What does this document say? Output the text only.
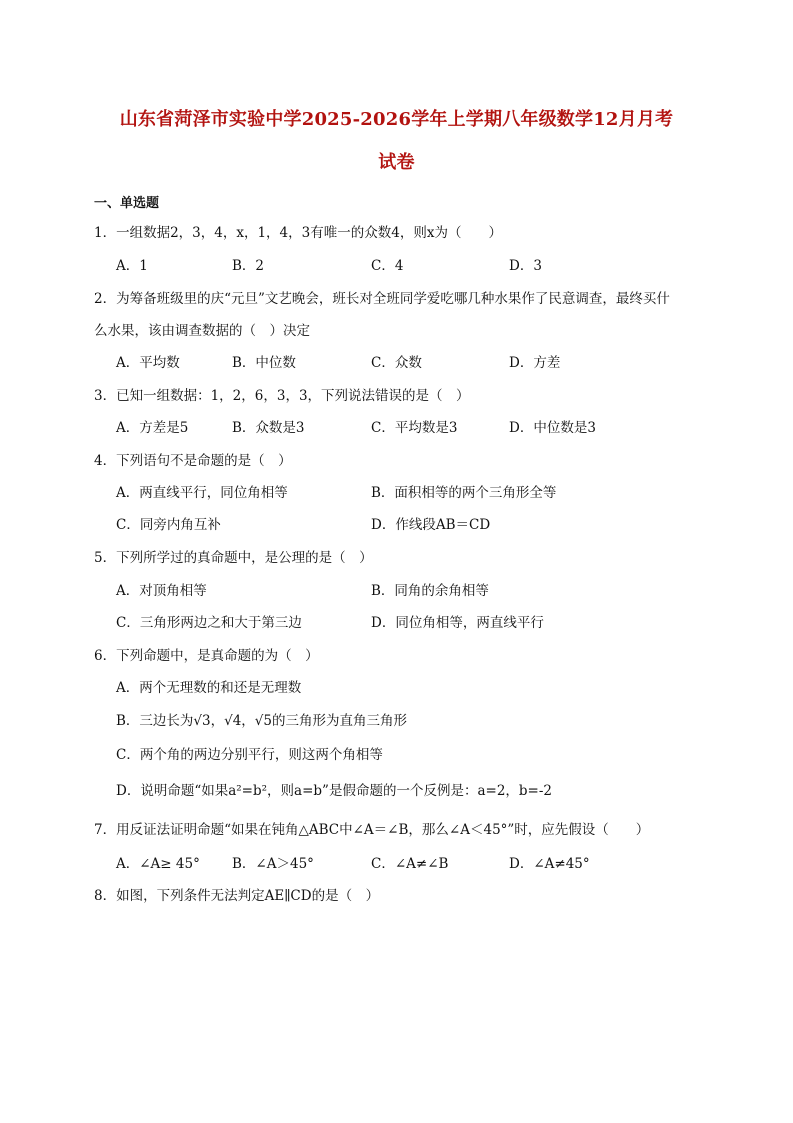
山东省菏泽市实验中学2025-2026学年上学期八年级数学12月月考
试卷
一、单选题
1．一组数据2，3，4，x，1，4，3有唯一的众数4，则x为（　　）
A．1	B．2	C．4	D．3
2．为筹备班级里的庆“元旦”文艺晚会，班长对全班同学爱吃哪几种水果作了民意调查，最终买什
么水果，该由调查数据的（　）决定
A．平均数	B．中位数	C．众数	D．方差
3．已知一组数据：1，2，6，3，3，下列说法错误的是（　）
A．方差是5	B．众数是3	C．平均数是3	D．中位数是3
4．下列语句不是命题的是（　）
A．两直线平行，同位角相等	B．面积相等的两个三角形全等
C．同旁内角互补	D．作线段AB＝CD
5．下列所学过的真命题中，是公理的是（　）
A．对顶角相等	B．同角的余角相等
C．三角形两边之和大于第三边	D．同位角相等，两直线平行
6．下列命题中，是真命题的为（　）
A．两个无理数的和还是无理数
B．三边长为√3，√4，√5的三角形为直角三角形
C．两个角的两边分别平行，则这两个角相等
D．说明命题“如果a²=b²，则a=b”是假命题的一个反例是：a=2，b=-2
7．用反证法证明命题“如果在钝角△ABC中∠A＝∠B，那么∠A＜45°”时，应先假设（　　）
A．∠A≥ 45° B．∠A＞45°	C．∠A≠∠B	D．∠A≠45°
8．如图，下列条件无法判定AE∥CD的是（　）
